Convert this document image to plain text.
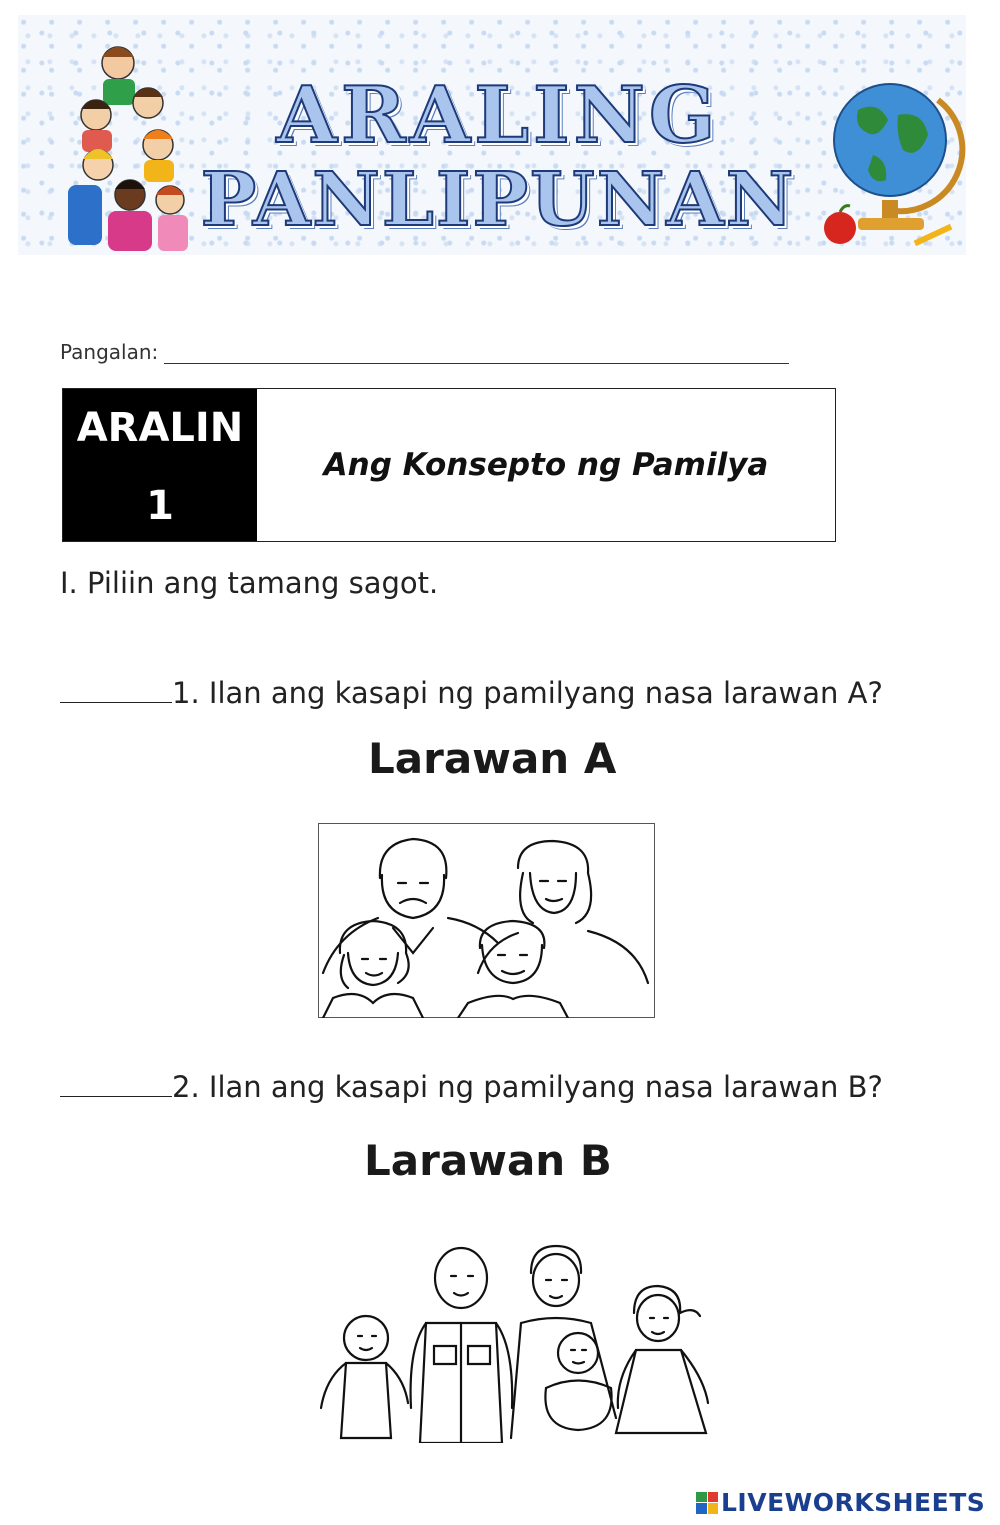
ARALING
PANLIPUNAN
Pangalan:
ARALIN
1
Ang Konsepto ng Pamilya
I. Piliin ang tamang sagot.
1. Ilan ang kasapi ng pamilyang nasa larawan A?
Larawan A
2. Ilan ang kasapi ng pamilyang nasa larawan B?
Larawan B
LIVEWORKSHEETS
